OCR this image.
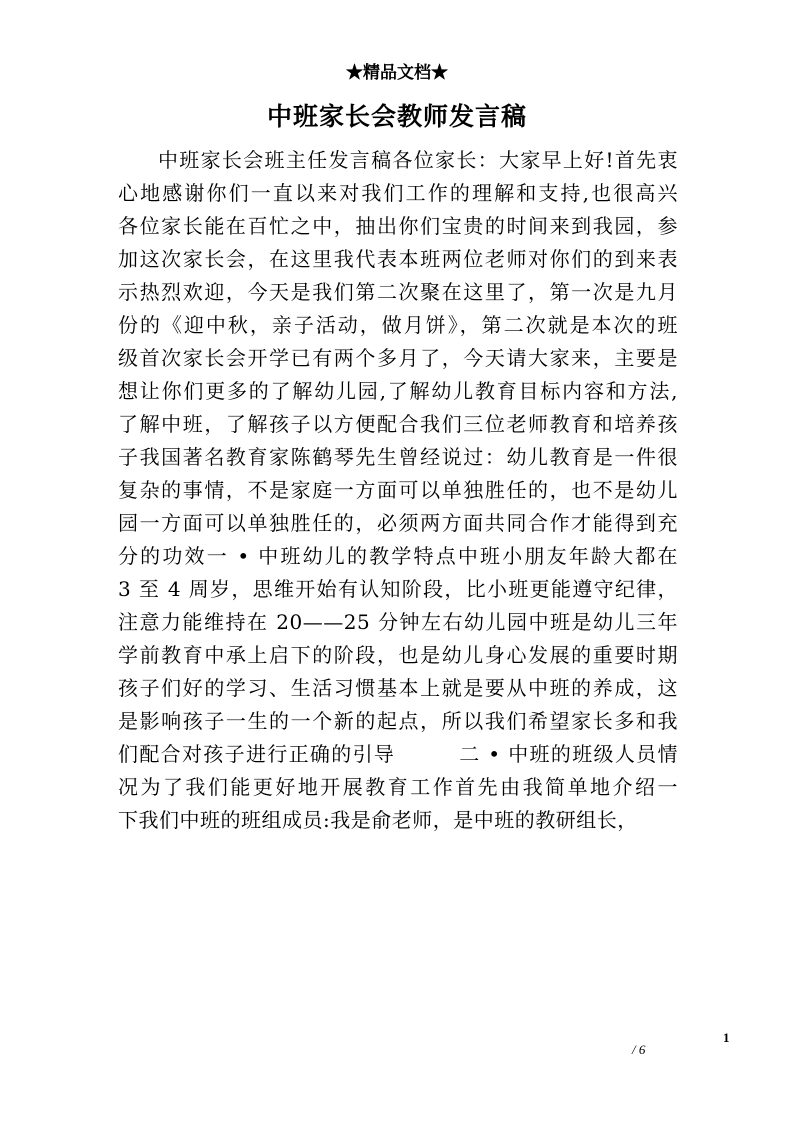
★精品文档★
中班家长会教师发言稿
中班家长会班主任发言稿各位家长：大家早上好!首先衷
心地感谢你们一直以来对我们工作的理解和支持,也很高兴
各位家长能在百忙之中，抽出你们宝贵的时间来到我园，参
加这次家长会，在这里我代表本班两位老师对你们的到来表
示热烈欢迎，今天是我们第二次聚在这里了，第一次是九月
份的《迎中秋，亲子活动，做月饼》，第二次就是本次的班
级首次家长会开学已有两个多月了，今天请大家来，主要是
想让你们更多的了解幼儿园,了解幼儿教育目标内容和方法,
了解中班，了解孩子以方便配合我们三位老师教育和培养孩
子我国著名教育家陈鹤琴先生曾经说过：幼儿教育是一件很
复杂的事情，不是家庭一方面可以单独胜任的，也不是幼儿
园一方面可以单独胜任的，必须两方面共同合作才能得到充
分的功效一 • 中班幼儿的教学特点中班小朋友年龄大都在
3 至 4 周岁，思维开始有认知阶段，比小班更能遵守纪律，
注意力能维持在 20——25 分钟左右幼儿园中班是幼儿三年
学前教育中承上启下的阶段，也是幼儿身心发展的重要时期
孩子们好的学习、生活习惯基本上就是要从中班的养成，这
是影响孩子一生的一个新的起点，所以我们希望家长多和我
们配合对孩子进行正确的引导　　　二 • 中班的班级人员情
况为了我们能更好地开展教育工作首先由我简单地介绍一
下我们中班的班组成员:我是俞老师，是中班的教研组长，
1
/ 6
